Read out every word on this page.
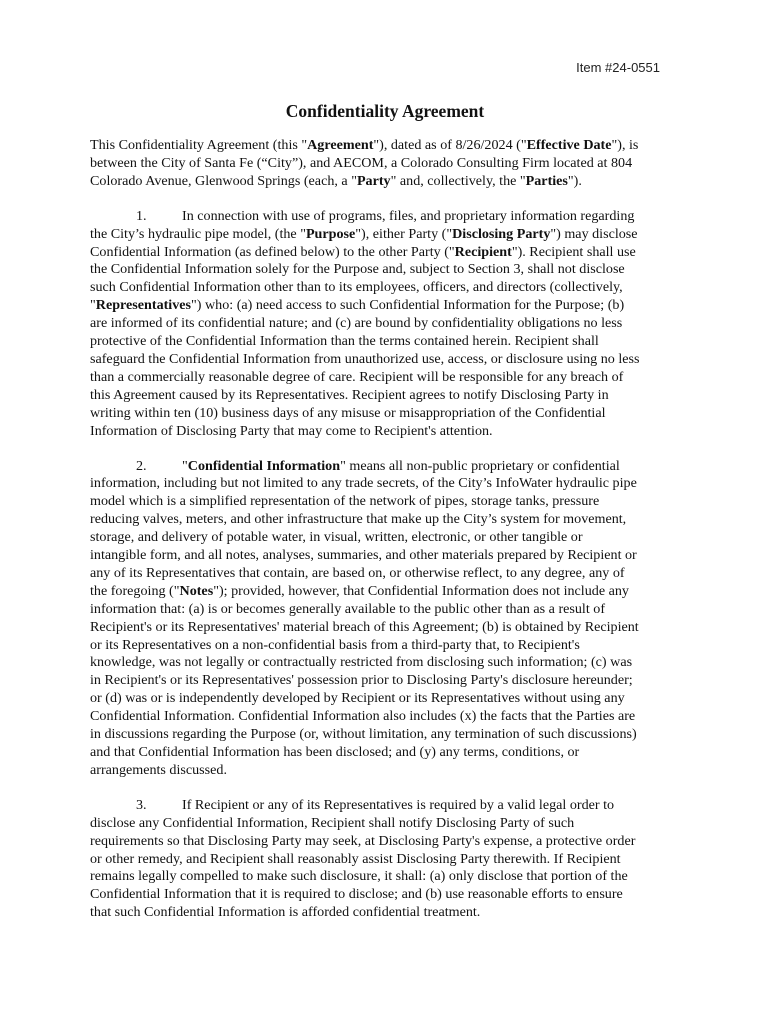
Item #24-0551
Confidentiality Agreement

This Confidentiality Agreement (this "Agreement"), dated as of 8/26/2024 ("Effective Date"), is
between the City of Santa Fe (“City”), and AECOM, a Colorado Consulting Firm located at 804
Colorado Avenue, Glenwood Springs (each, a "Party" and, collectively, the "Parties").

1.	In connection with use of programs, files, and proprietary information regarding
the City’s hydraulic pipe model, (the "Purpose"), either Party ("Disclosing Party") may disclose
Confidential Information (as defined below) to the other Party ("Recipient"). Recipient shall use
the Confidential Information solely for the Purpose and, subject to Section 3, shall not disclose
such Confidential Information other than to its employees, officers, and directors (collectively,
"Representatives") who: (a) need access to such Confidential Information for the Purpose; (b)
are informed of its confidential nature; and (c) are bound by confidentiality obligations no less
protective of the Confidential Information than the terms contained herein. Recipient shall
safeguard the Confidential Information from unauthorized use, access, or disclosure using no less
than a commercially reasonable degree of care. Recipient will be responsible for any breach of
this Agreement caused by its Representatives. Recipient agrees to notify Disclosing Party in
writing within ten (10) business days of any misuse or misappropriation of the Confidential
Information of Disclosing Party that may come to Recipient's attention.

2.	"Confidential Information" means all non-public proprietary or confidential
information, including but not limited to any trade secrets, of the City’s InfoWater hydraulic pipe
model which is a simplified representation of the network of pipes, storage tanks, pressure
reducing valves, meters, and other infrastructure that make up the City’s system for movement,
storage, and delivery of potable water, in visual, written, electronic, or other tangible or
intangible form, and all notes, analyses, summaries, and other materials prepared by Recipient or
any of its Representatives that contain, are based on, or otherwise reflect, to any degree, any of
the foregoing ("Notes"); provided, however, that Confidential Information does not include any
information that: (a) is or becomes generally available to the public other than as a result of
Recipient's or its Representatives' material breach of this Agreement; (b) is obtained by Recipient
or its Representatives on a non-confidential basis from a third-party that, to Recipient's
knowledge, was not legally or contractually restricted from disclosing such information; (c) was
in Recipient's or its Representatives' possession prior to Disclosing Party's disclosure hereunder;
or (d) was or is independently developed by Recipient or its Representatives without using any
Confidential Information. Confidential Information also includes (x) the facts that the Parties are
in discussions regarding the Purpose (or, without limitation, any termination of such discussions)
and that Confidential Information has been disclosed; and (y) any terms, conditions, or
arrangements discussed.

3.	If Recipient or any of its Representatives is required by a valid legal order to
disclose any Confidential Information, Recipient shall notify Disclosing Party of such
requirements so that Disclosing Party may seek, at Disclosing Party's expense, a protective order
or other remedy, and Recipient shall reasonably assist Disclosing Party therewith. If Recipient
remains legally compelled to make such disclosure, it shall: (a) only disclose that portion of the
Confidential Information that it is required to disclose; and (b) use reasonable efforts to ensure
that such Confidential Information is afforded confidential treatment.
